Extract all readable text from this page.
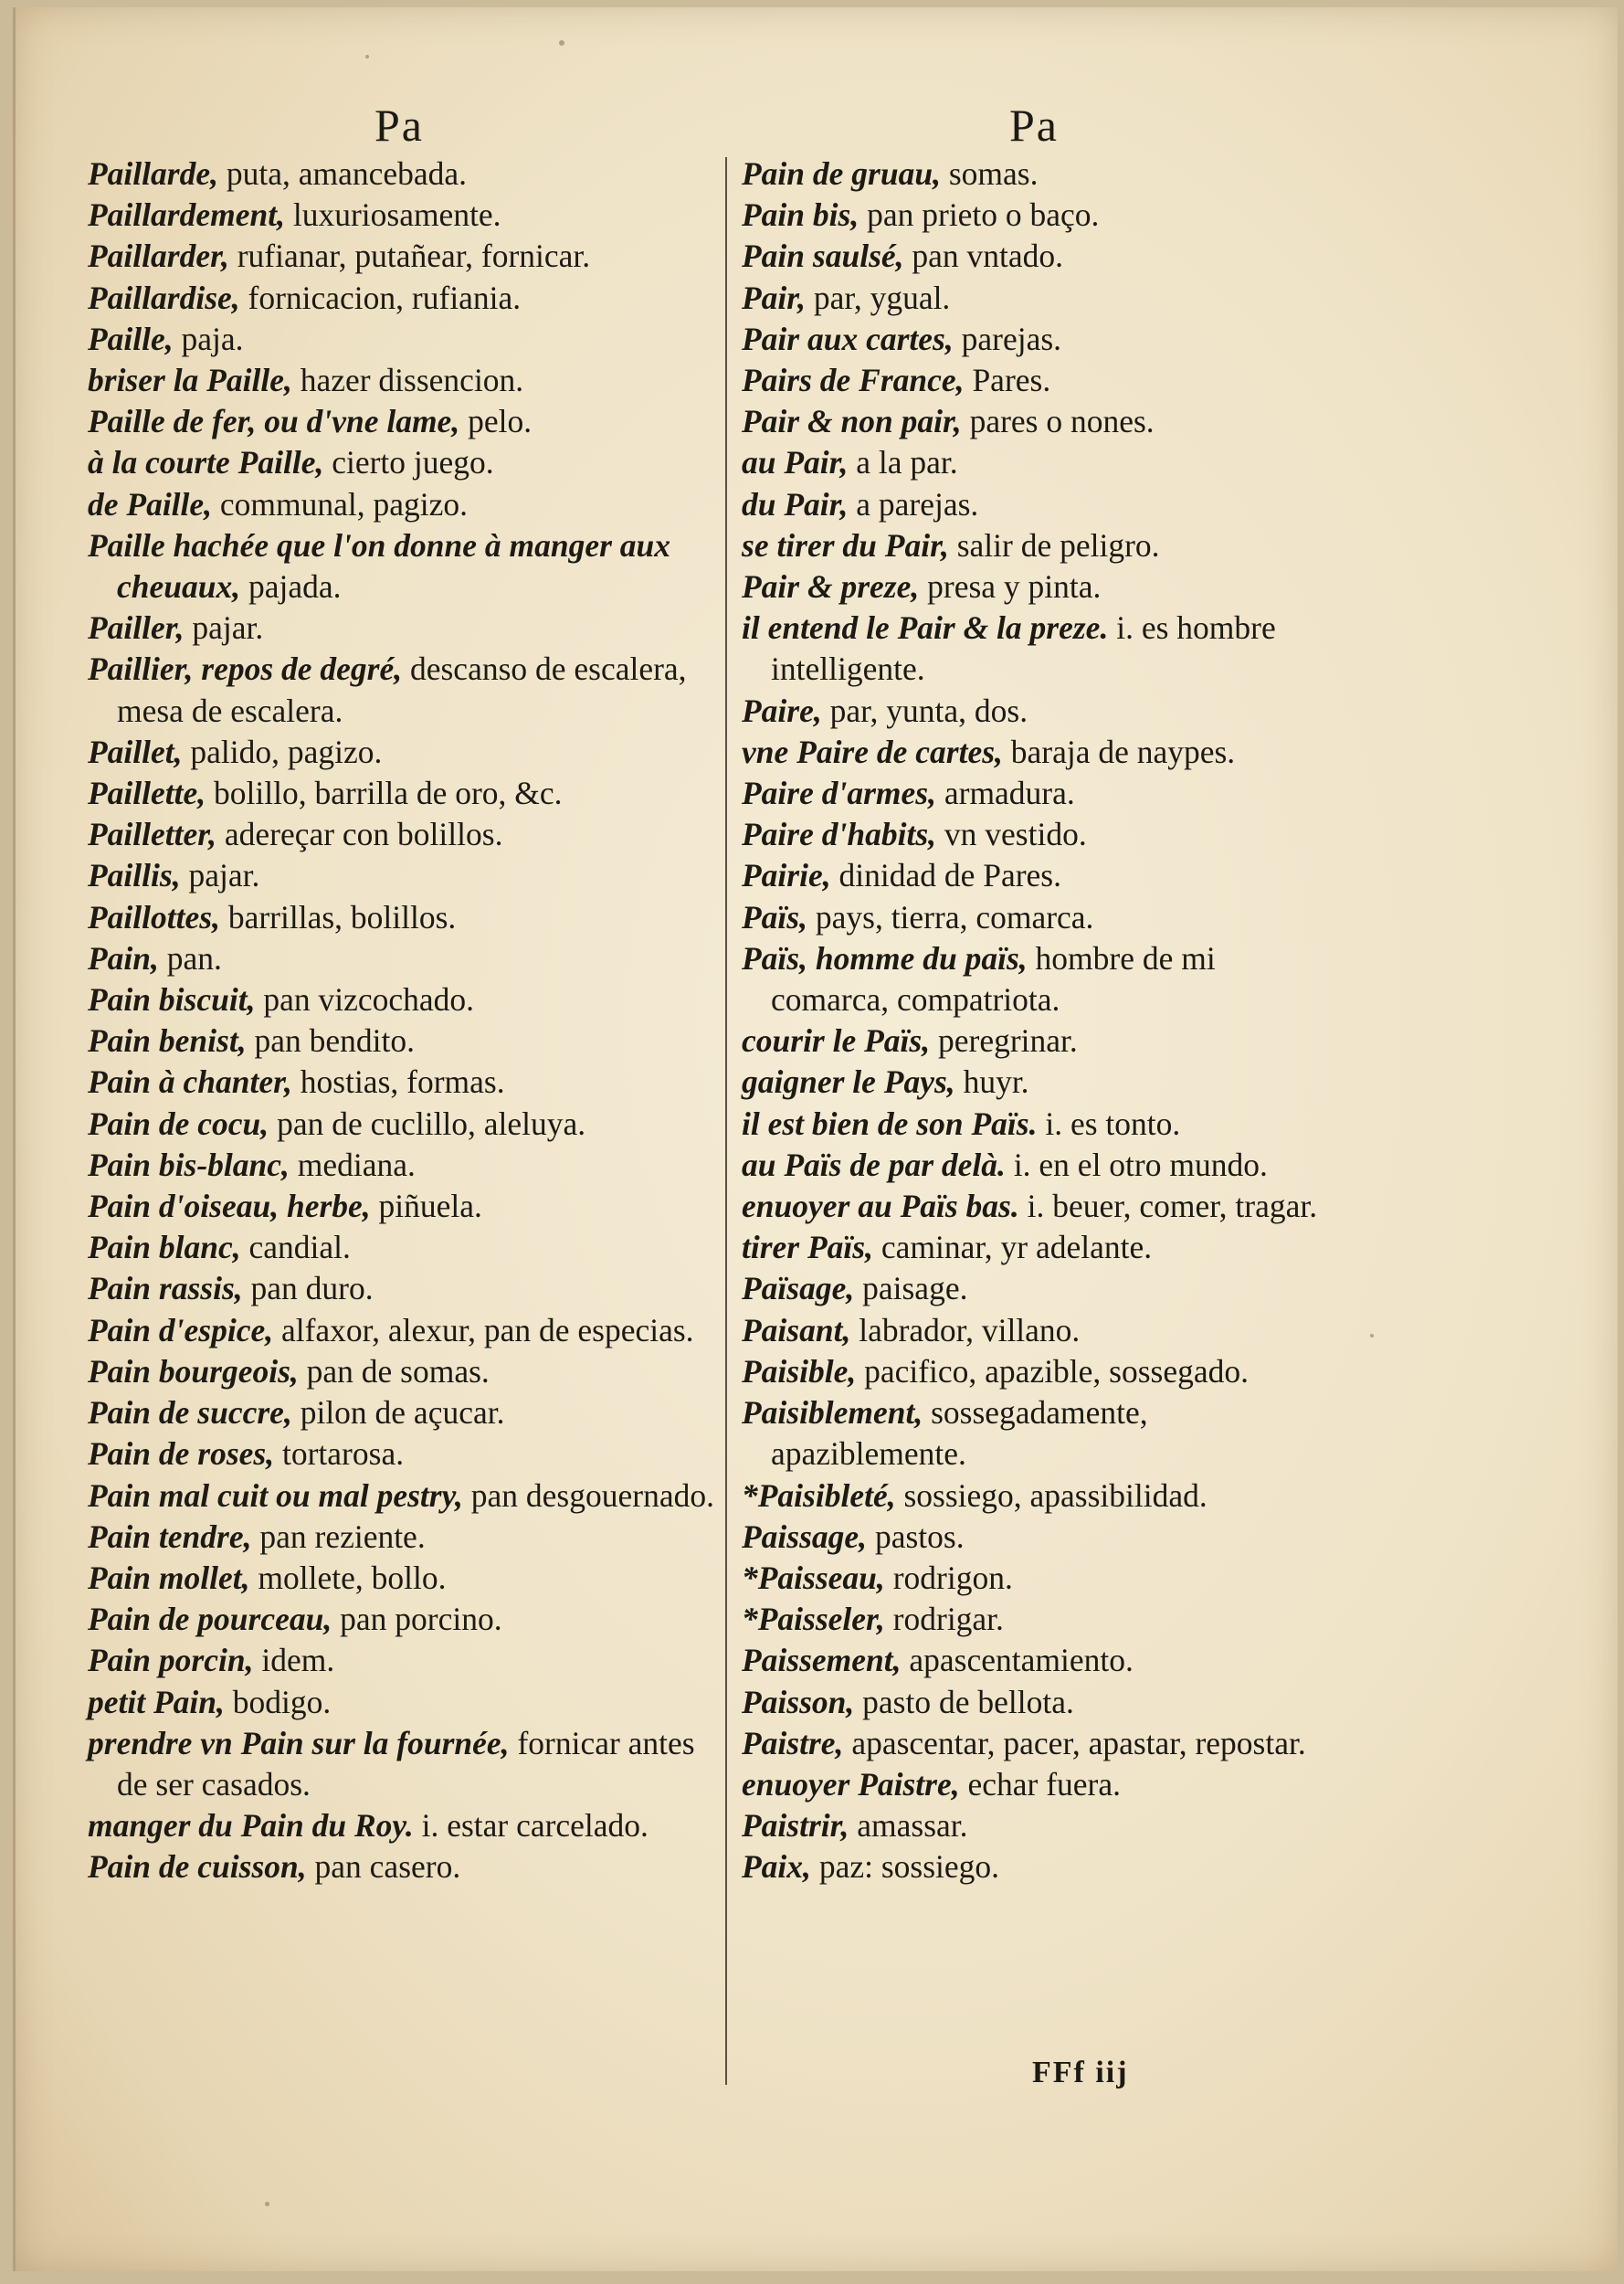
Pa	Pa
Paillarde, puta, amancebada.
Paillardement, luxuriosamente.
Paillarder, rufianar, putañear, fornicar.
Paillardise, fornicacion, rufiania.
Paille, paja.
briser la Paille, hazer dissencion.
Paille de fer, ou d'vne lame, pelo.
à la courte Paille, cierto juego.
de Paille, communal, pagizo.
Paille hachée que l'on donne à manger aux cheuaux, pajada.
Pailler, pajar.
Paillier, repos de degré, descanso de escalera, mesa de escalera.
Paillet, palido, pagizo.
Paillette, bolillo, barrilla de oro, &c.
Pailletter, adereçar con bolillos.
Paillis, pajar.
Paillottes, barrillas, bolillos.
Pain, pan.
Pain biscuit, pan vizcochado.
Pain benist, pan bendito.
Pain à chanter, hostias, formas.
Pain de cocu, pan de cuclillo, aleluya.
Pain bis-blanc, mediana.
Pain d'oiseau, herbe, piñuela.
Pain blanc, candial.
Pain rassis, pan duro.
Pain d'espice, alfaxor, alexur, pan de especias.
Pain bourgeois, pan de somas.
Pain de succre, pilon de açucar.
Pain de roses, tortarosa.
Pain mal cuit ou mal pestry, pan desgouernado.
Pain tendre, pan reziente.
Pain mollet, mollete, bollo.
Pain de pourceau, pan porcino.
Pain porcin, idem.
petit Pain, bodigo.
prendre vn Pain sur la fournée, fornicar antes de ser casados.
manger du Pain du Roy. i. estar carcelado.
Pain de cuisson, pan casero.
Pain de gruau, somas.
Pain bis, pan prieto o baço.
Pain saulsé, pan vntado.
Pair, par, ygual.
Pair aux cartes, parejas.
Pairs de France, Pares.
Pair & non pair, pares o nones.
au Pair, a la par.
du Pair, a parejas.
se tirer du Pair, salir de peligro.
Pair & preze, presa y pinta.
il entend le Pair & la preze. i. es hombre intelligente.
Paire, par, yunta, dos.
vne Paire de cartes, baraja de naypes.
Paire d'armes, armadura.
Paire d'habits, vn vestido.
Pairie, dinidad de Pares.
Païs, pays, tierra, comarca.
Païs, homme du païs, hombre de mi comarca, compatriota.
courir le Païs, peregrinar.
gaigner le Pays, huyr.
il est bien de son Païs. i. es tonto.
au Païs de par delà. i. en el otro mundo.
enuoyer au Païs bas. i. beuer, comer, tragar.
tirer Païs, caminar, yr adelante.
Païsage, paisage.
Paisant, labrador, villano.
Paisible, pacifico, apazible, sossegado.
Paisiblement, sossegadamente, apaziblemente.
*Paisibleté, sossiego, apassibilidad.
Paissage, pastos.
*Paisseau, rodrigon.
*Paisseler, rodrigar.
Paissement, apascentamiento.
Paisson, pasto de bellota.
Paistre, apascentar, pacer, apastar, repostar.
enuoyer Paistre, echar fuera.
Paistrir, amassar.
Paix, paz: sossiego.
FFf iij
